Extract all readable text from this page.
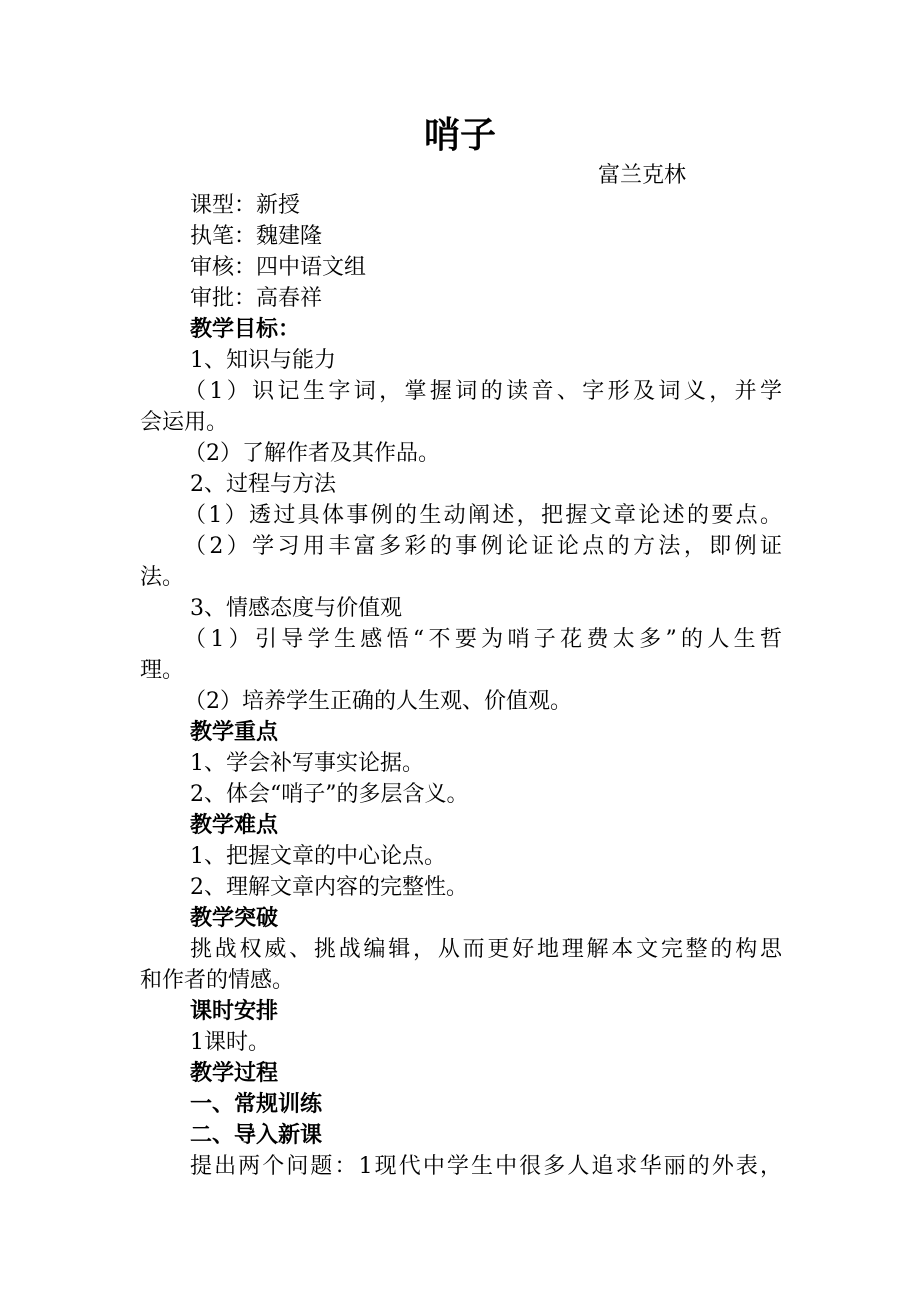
哨子

富兰克林

课型：新授

执笔：魏建隆

审核：四中语文组

审批：高春祥

教学目标：

1、知识与能力

（1）识记生字词，掌握词的读音、字形及词义，并学

会运用。

（2）了解作者及其作品。

2、过程与方法

（1）透过具体事例的生动阐述，把握文章论述的要点。

（2）学习用丰富多彩的事例论证论点的方法，即例证

法。

3、情感态度与价值观

（1）引导学生感悟“不要为哨子花费太多”的人生哲

理。

（2）培养学生正确的人生观、价值观。

教学重点

1、学会补写事实论据。

2、体会“哨子”的多层含义。

教学难点

1、把握文章的中心论点。

2、理解文章内容的完整性。

教学突破

挑战权威、挑战编辑，从而更好地理解本文完整的构思

和作者的情感。

课时安排

1课时。

教学过程

一、常规训练

二、导入新课

提出两个问题：1现代中学生中很多人追求华丽的外表，
